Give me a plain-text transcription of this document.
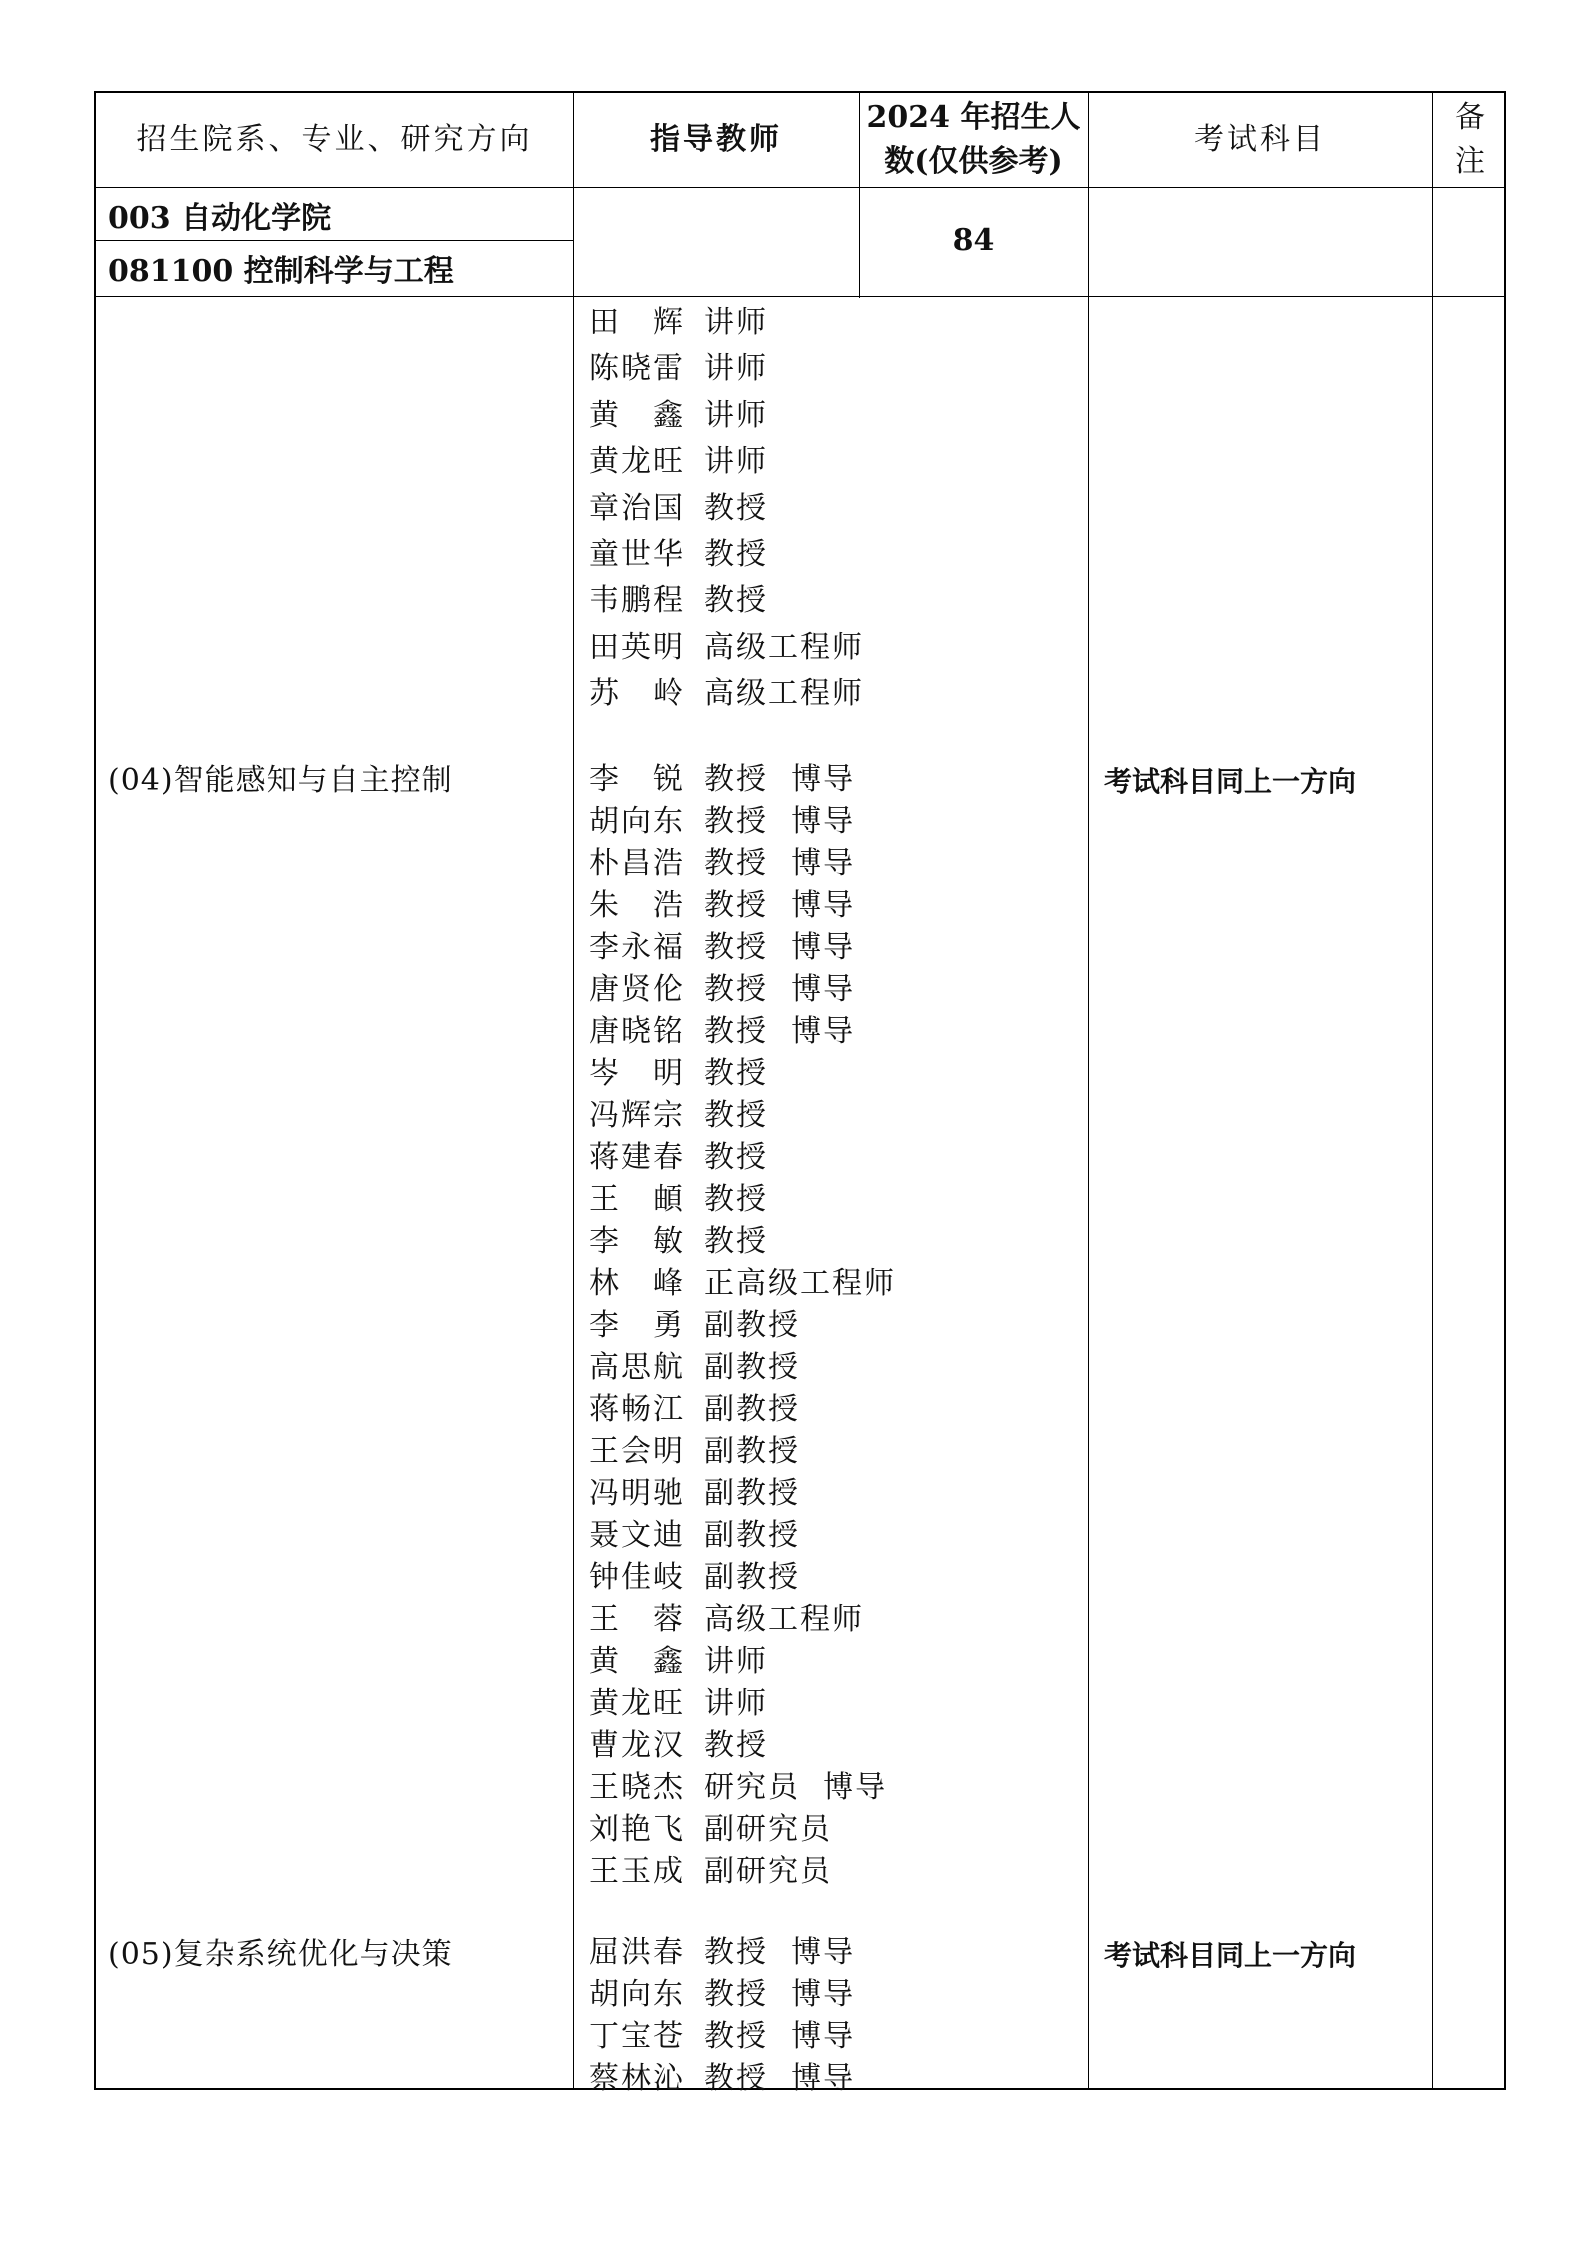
招生院系、专业、研究方向	指导教师
2024 年招生人
数(仅供参考)
考试科目
备
注
003 自动化学院
081100 控制科学与工程
84
(04)智能感知与自主控制
(05)复杂系统优化与决策
考试科目同上一方向
考试科目同上一方向
田　辉 讲师
陈晓雷 讲师
黄　鑫 讲师
黄龙旺 讲师
章治国 教授
童世华 教授
韦鹏程 教授
田英明 高级工程师
苏　岭 高级工程师
李　锐 教授  博导
胡向东 教授  博导
朴昌浩 教授  博导
朱　浩 教授  博导
李永福 教授  博导
唐贤伦 教授  博导
唐晓铭 教授  博导
岑　明 教授
冯辉宗 教授
蒋建春 教授
王　頔 教授
李　敏 教授
林　峰 正高级工程师
李　勇 副教授
高思航 副教授
蒋畅江 副教授
王会明 副教授
冯明驰 副教授
聂文迪 副教授
钟佳岐 副教授
王　蓉 高级工程师
黄　鑫 讲师
黄龙旺 讲师
曹龙汉 教授
王晓杰 研究员  博导
刘艳飞 副研究员
王玉成 副研究员
屈洪春 教授  博导
胡向东 教授  博导
丁宝苍 教授  博导
蔡林沁 教授  博导
